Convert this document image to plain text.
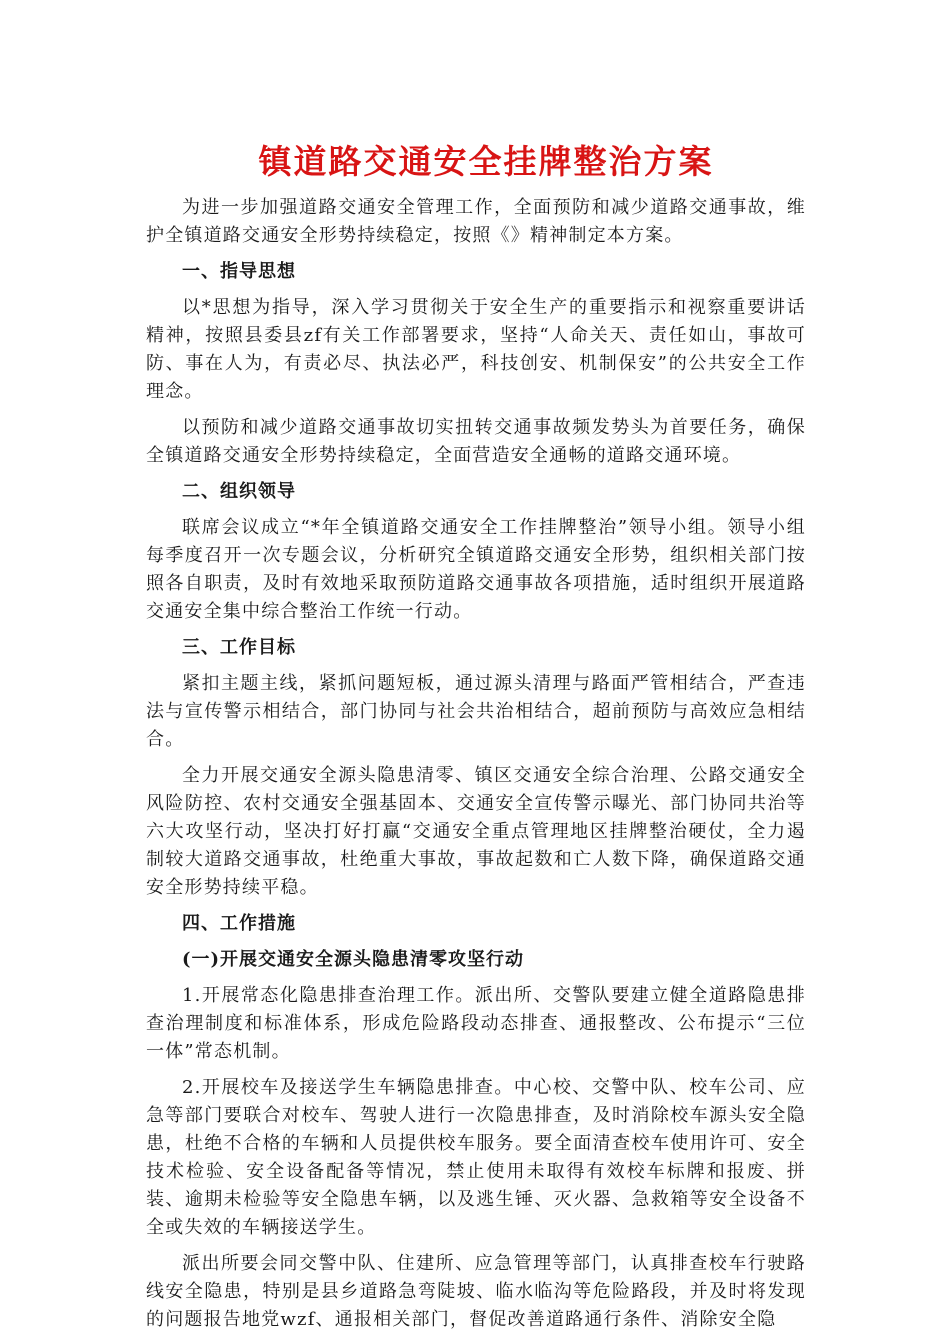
镇道路交通安全挂牌整治方案

为进一步加强道路交通安全管理工作，全面预防和减少道路交通事故，维护全镇道路交通安全形势持续稳定，按照《》精神制定本方案。

一、指导思想

以*思想为指导，深入学习贯彻关于安全生产的重要指示和视察重要讲话精神，按照县委县zf有关工作部署要求，坚持“人命关天、责任如山，事故可防、事在人为，有责必尽、执法必严，科技创安、机制保安”的公共安全工作理念。

以预防和减少道路交通事故切实扭转交通事故频发势头为首要任务，确保全镇道路交通安全形势持续稳定，全面营造安全通畅的道路交通环境。

二、组织领导

联席会议成立“*年全镇道路交通安全工作挂牌整治”领导小组。领导小组每季度召开一次专题会议，分析研究全镇道路交通安全形势，组织相关部门按照各自职责，及时有效地采取预防道路交通事故各项措施，适时组织开展道路交通安全集中综合整治工作统一行动。

三、工作目标

紧扣主题主线，紧抓问题短板，通过源头清理与路面严管相结合，严查违法与宣传警示相结合，部门协同与社会共治相结合，超前预防与高效应急相结合。

全力开展交通安全源头隐患清零、镇区交通安全综合治理、公路交通安全风险防控、农村交通安全强基固本、交通安全宣传警示曝光、部门协同共治等六大攻坚行动，坚决打好打赢“交通安全重点管理地区挂牌整治硬仗，全力遏制较大道路交通事故，杜绝重大事故，事故起数和亡人数下降，确保道路交通安全形势持续平稳。

四、工作措施

(一)开展交通安全源头隐患清零攻坚行动

1.开展常态化隐患排查治理工作。派出所、交警队要建立健全道路隐患排查治理制度和标准体系，形成危险路段动态排查、通报整改、公布提示“三位一体”常态机制。

2.开展校车及接送学生车辆隐患排查。中心校、交警中队、校车公司、应急等部门要联合对校车、驾驶人进行一次隐患排查，及时消除校车源头安全隐患，杜绝不合格的车辆和人员提供校车服务。要全面清查校车使用许可、安全技术检验、安全设备配备等情况，禁止使用未取得有效校车标牌和报废、拼装、逾期未检验等安全隐患车辆，以及逃生锤、灭火器、急救箱等安全设备不全或失效的车辆接送学生。

派出所要会同交警中队、住建所、应急管理等部门，认真排查校车行驶路线安全隐患，特别是县乡道路急弯陡坡、临水临沟等危险路段，并及时将发现的问题报告地党wzf、通报相关部门，督促改善道路通行条件、消除安全隐
